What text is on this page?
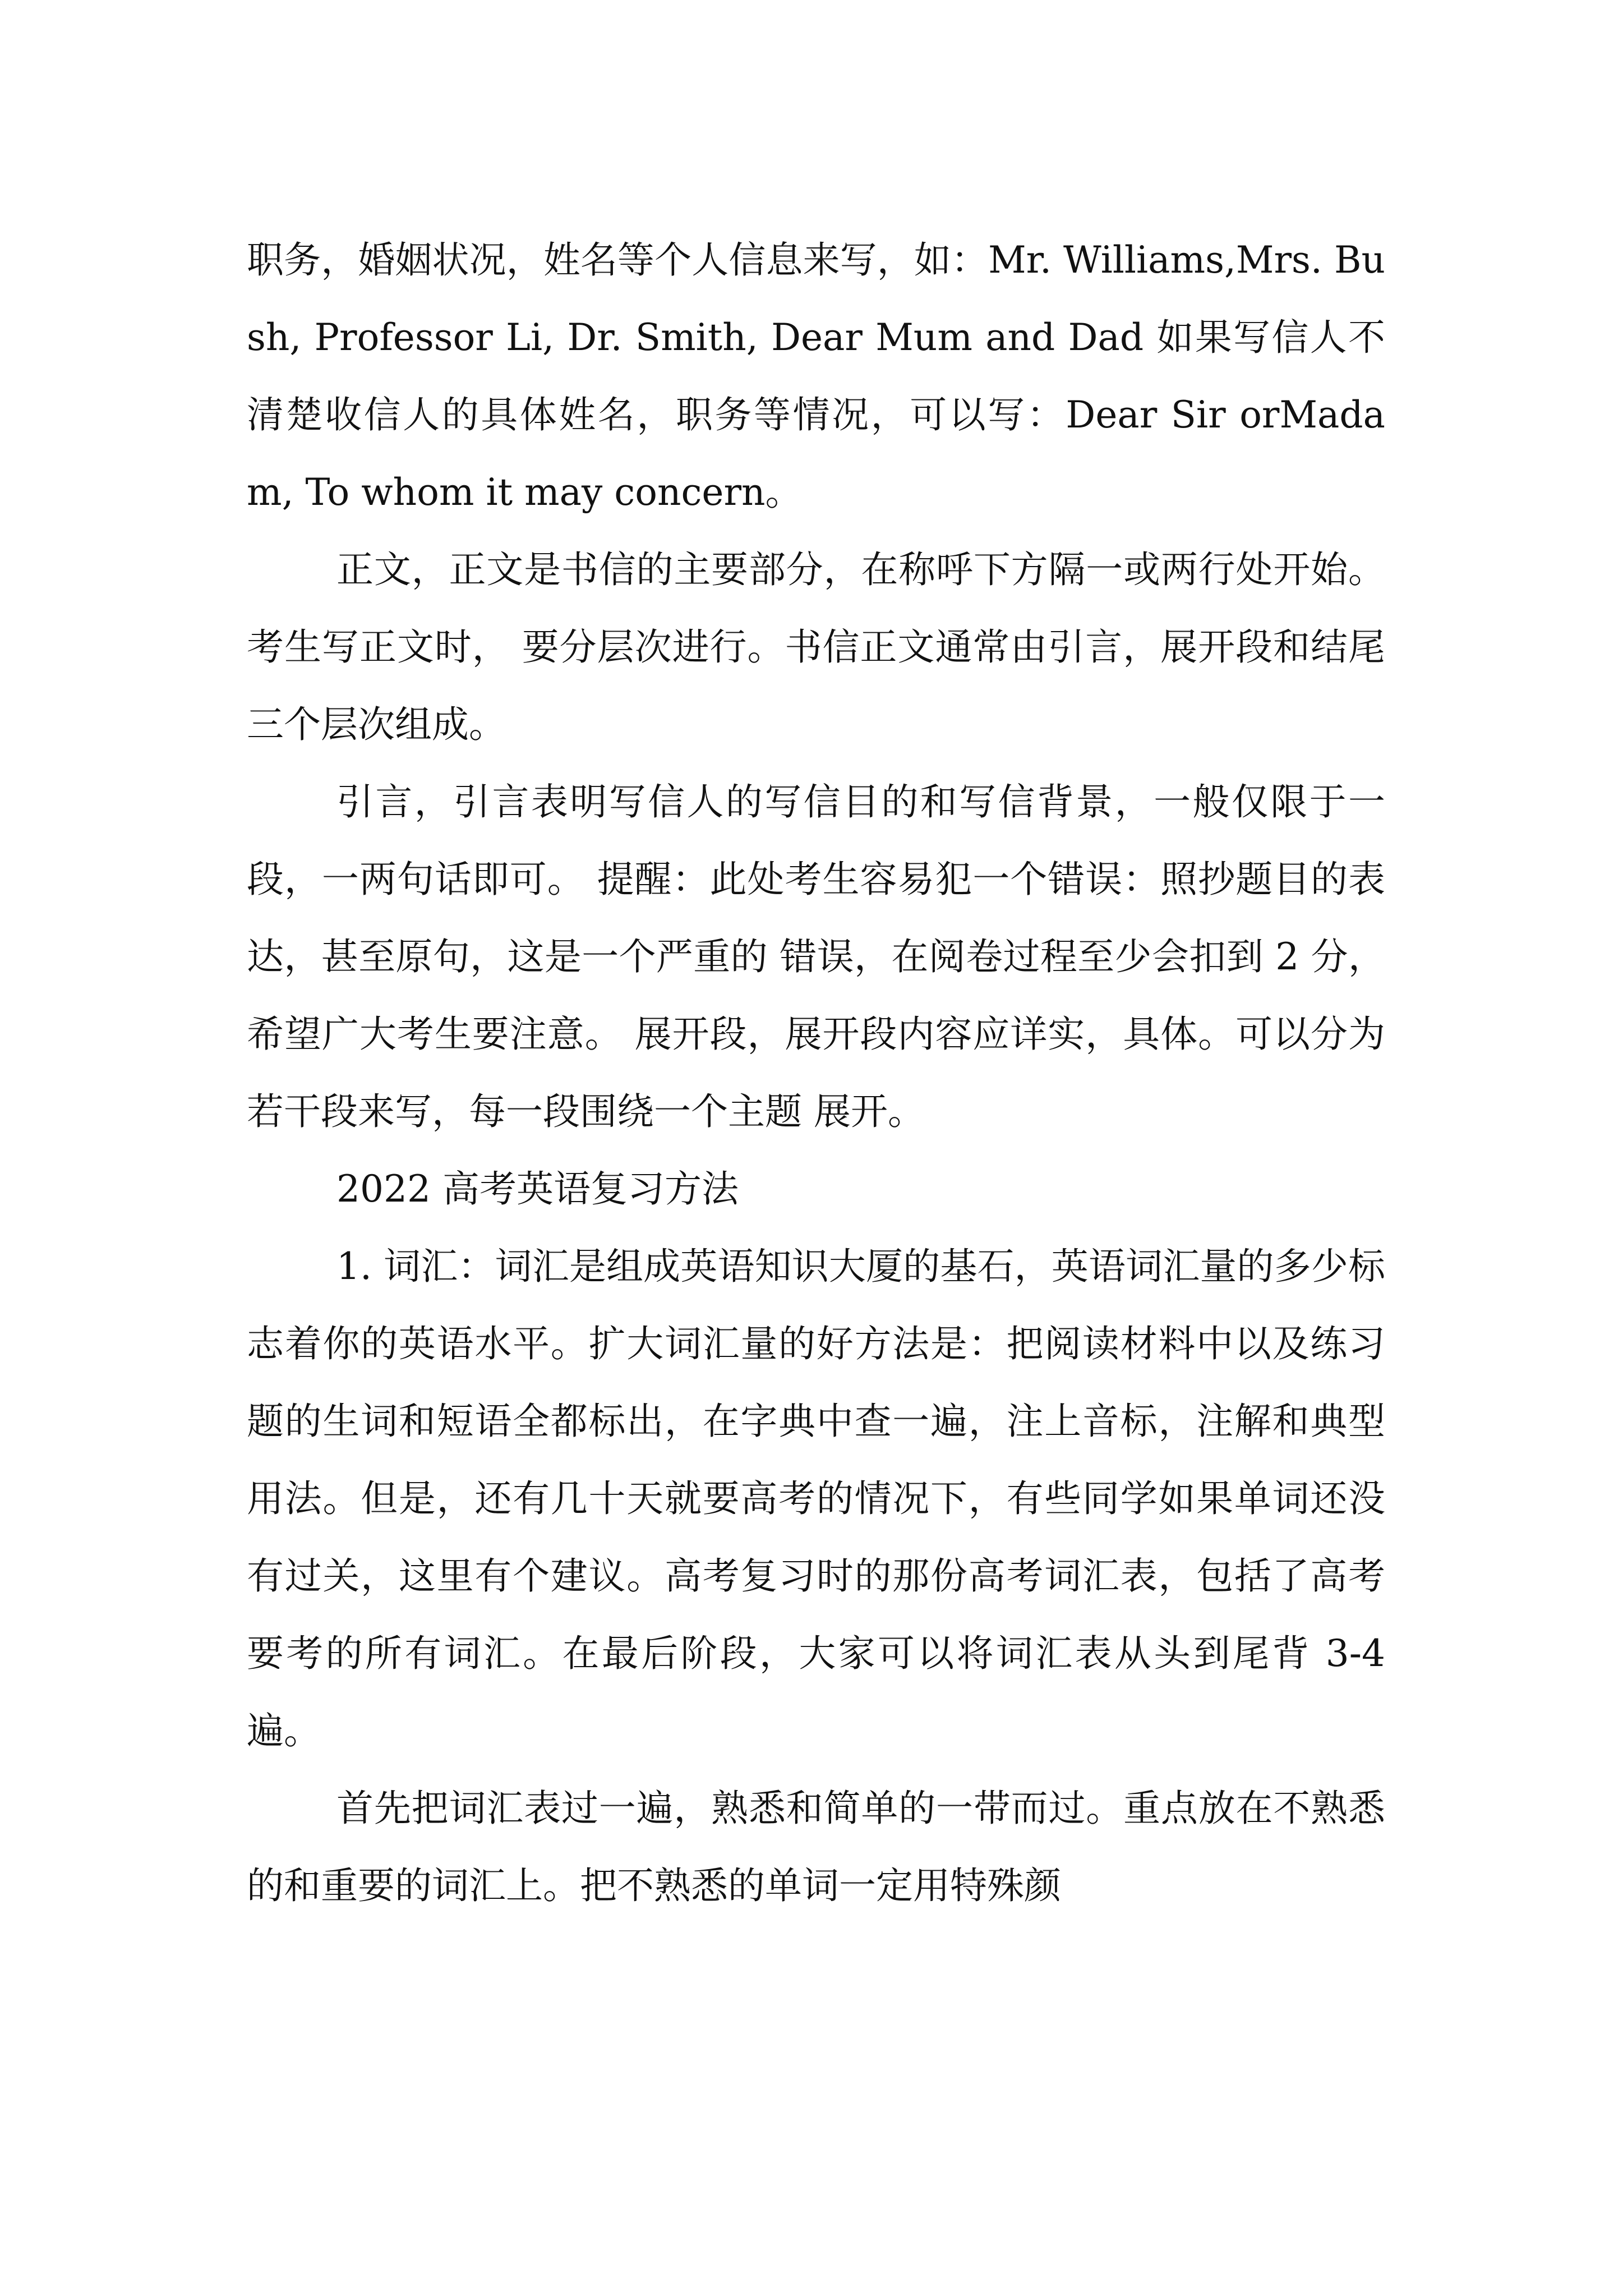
职务，婚姻状况，姓名等个人信息来写，如：Mr. Williams,Mrs. Bush, Professor Li, Dr. Smith, Dear Mum and Dad 如果写信人不清楚收信人的具体姓名，职务等情况，可以写：Dear Sir orMadam, To whom it may concern。

正文，正文是书信的主要部分，在称呼下方隔一或两行处开始。考生写正文时， 要分层次进行。书信正文通常由引言，展开段和结尾三个层次组成。

引言，引言表明写信人的写信目的和写信背景，一般仅限于一段，一两句话即可。 提醒：此处考生容易犯一个错误：照抄题目的表达，甚至原句，这是一个严重的 错误，在阅卷过程至少会扣到 2 分，希望广大考生要注意。 展开段，展开段内容应详实，具体。可以分为若干段来写，每一段围绕一个主题 展开。

2022 高考英语复习方法

1. 词汇：词汇是组成英语知识大厦的基石，英语词汇量的多少标志着你的英语水平。扩大词汇量的好方法是：把阅读材料中以及练习题的生词和短语全都标出，在字典中查一遍，注上音标，注解和典型用法。但是，还有几十天就要高考的情况下，有些同学如果单词还没有过关，这里有个建议。高考复习时的那份高考词汇表，包括了高考要考的所有词汇。在最后阶段，大家可以将词汇表从头到尾背 3-4 遍。

首先把词汇表过一遍，熟悉和简单的一带而过。重点放在不熟悉的和重要的词汇上。把不熟悉的单词一定用特殊颜
